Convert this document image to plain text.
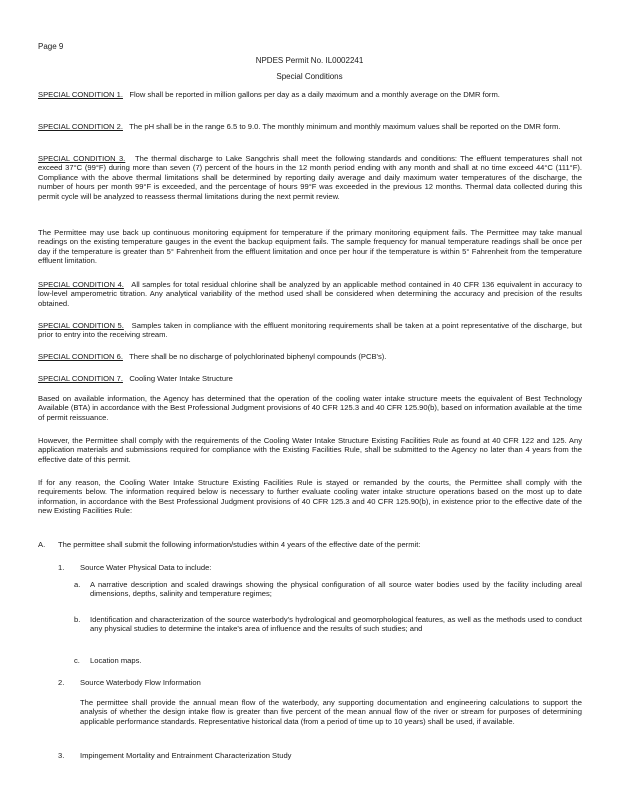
Page 9
NPDES Permit No. IL0002241
Special Conditions
SPECIAL CONDITION 1. Flow shall be reported in million gallons per day as a daily maximum and a monthly average on the DMR form.
SPECIAL CONDITION 2. The pH shall be in the range 6.5 to 9.0. The monthly minimum and monthly maximum values shall be reported on the DMR form.
SPECIAL CONDITION 3. The thermal discharge to Lake Sangchris shall meet the following standards and conditions: The effluent temperatures shall not exceed 37°C (99°F) during more than seven (7) percent of the hours in the 12 month period ending with any month and shall at no time exceed 44°C (111°F). Compliance with the above thermal limitations shall be determined by reporting daily average and daily maximum water temperatures of the discharge, the number of hours per month 99°F is exceeded, and the percentage of hours 99°F was exceeded in the previous 12 months. Thermal data collected during this permit cycle will be analyzed to reassess thermal limitations during the next permit review.
The Permittee may use back up continuous monitoring equipment for temperature if the primary monitoring equipment fails. The Permittee may take manual readings on the existing temperature gauges in the event the backup equipment fails. The sample frequency for manual temperature readings shall be once per day if the temperature is greater than 5° Fahrenheit from the effluent limitation and once per hour if the temperature is within 5° Fahrenheit from the temperature effluent limitation.
SPECIAL CONDITION 4. All samples for total residual chlorine shall be analyzed by an applicable method contained in 40 CFR 136 equivalent in accuracy to low-level amperometric titration. Any analytical variability of the method used shall be considered when determining the accuracy and precision of the results obtained.
SPECIAL CONDITION 5. Samples taken in compliance with the effluent monitoring requirements shall be taken at a point representative of the discharge, but prior to entry into the receiving stream.
SPECIAL CONDITION 6. There shall be no discharge of polychlorinated biphenyl compounds (PCB's).
SPECIAL CONDITION 7. Cooling Water Intake Structure
Based on available information, the Agency has determined that the operation of the cooling water intake structure meets the equivalent of Best Technology Available (BTA) in accordance with the Best Professional Judgment provisions of 40 CFR 125.3 and 40 CFR 125.90(b), based on information available at the time of permit reissuance.
However, the Permittee shall comply with the requirements of the Cooling Water Intake Structure Existing Facilities Rule as found at 40 CFR 122 and 125. Any application materials and submissions required for compliance with the Existing Facilities Rule, shall be submitted to the Agency no later than 4 years from the effective date of this permit.
If for any reason, the Cooling Water Intake Structure Existing Facilities Rule is stayed or remanded by the courts, the Permittee shall comply with the requirements below. The information required below is necessary to further evaluate cooling water intake structure operations based on the most up to date information, in accordance with the Best Professional Judgment provisions of 40 CFR 125.3 and 40 CFR 125.90(b), in existence prior to the effective date of the new Existing Facilities Rule:
A.	The permittee shall submit the following information/studies within 4 years of the effective date of the permit:
1.	Source Water Physical Data to include:
a.	A narrative description and scaled drawings showing the physical configuration of all source water bodies used by the facility including areal dimensions, depths, salinity and temperature regimes;
b.	Identification and characterization of the source waterbody's hydrological and geomorphological features, as well as the methods used to conduct any physical studies to determine the intake's area of influence and the results of such studies; and
c.	Location maps.
2.	Source Waterbody Flow Information
The permittee shall provide the annual mean flow of the waterbody, any supporting documentation and engineering calculations to support the analysis of whether the design intake flow is greater than five percent of the mean annual flow of the river or stream for purposes of determining applicable performance standards. Representative historical data (from a period of time up to 10 years) shall be used, if available.
3.	Impingement Mortality and Entrainment Characterization Study
